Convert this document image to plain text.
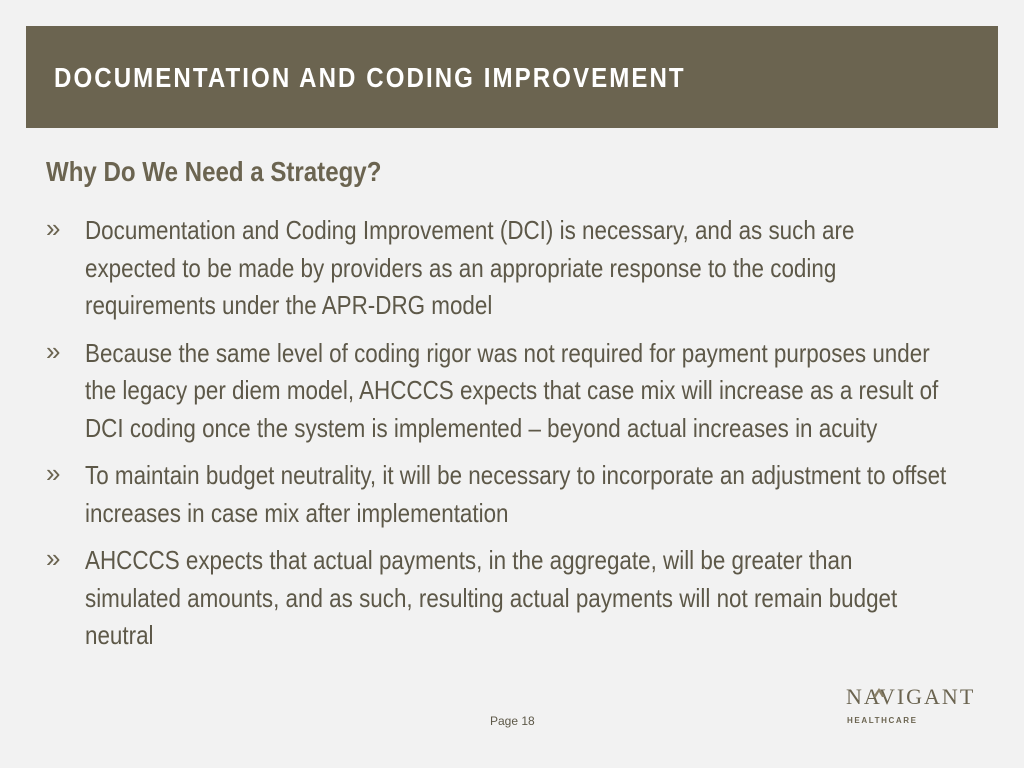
DOCUMENTATION AND CODING IMPROVEMENT
Why Do We Need a Strategy?
» Documentation and Coding Improvement (DCI) is necessary, and as such are expected to be made by providers as an appropriate response to the coding requirements under the APR-DRG model
» Because the same level of coding rigor was not required for payment purposes under the legacy per diem model, AHCCCS expects that case mix will increase as a result of DCI coding once the system is implemented – beyond actual increases in acuity
» To maintain budget neutrality, it will be necessary to incorporate an adjustment to offset increases in case mix after implementation
» AHCCCS expects that actual payments, in the aggregate, will be greater than simulated amounts, and as such, resulting actual payments will not remain budget neutral
Page 18
NAVIGANT
HEALTHCARE
